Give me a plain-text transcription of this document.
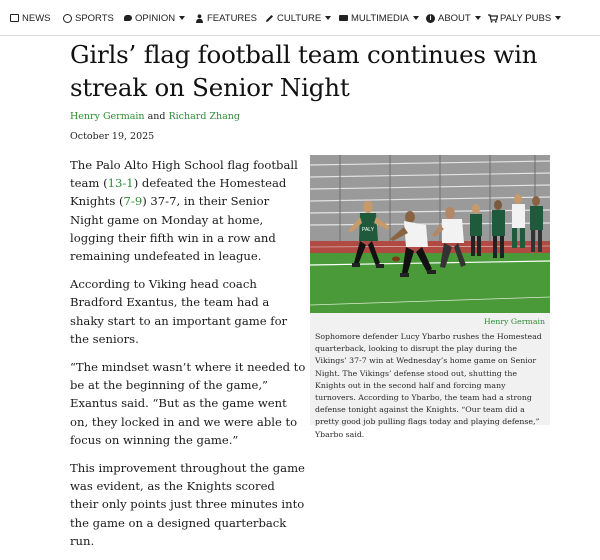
NEWS	SPORTS OPINION	FEATURES CULTURE	MULTIMEDIA	i ABOUT	PALY PUBS
Girls’ flag football team continues win streak on Senior Night
Henry Germain and Richard Zhang
October 19, 2025

The Palo Alto High School flag football team (13-1) defeated the Homestead Knights (7-9) 37-7, in their Senior Night game on Monday at home, logging their fifth win in a row and remaining undefeated in league.

According to Viking head coach Bradford Exantus, the team had a shaky start to an important game for the seniors.

“The mindset wasn’t where it needed to be at the beginning of the game,” Exantus said. “But as the game went on, they locked in and we were able to focus on winning the game.”

This improvement throughout the game was evident, as the Knights scored their only points just three minutes into the game on a designed quarterback run.

PALY
Henry Germain
Sophomore defender Lucy Ybarbo rushes the Homestead quarterback, looking to disrupt the play during the Vikings’ 37-7 win at Wednesday’s home game on Senior Night. The Vikings’ defense stood out, shutting the Knights out in the second half and forcing many turnovers. According to Ybarbo, the team had a strong defense tonight against the Knights. “Our team did a pretty good job pulling flags today and playing defense,” Ybarbo said.
